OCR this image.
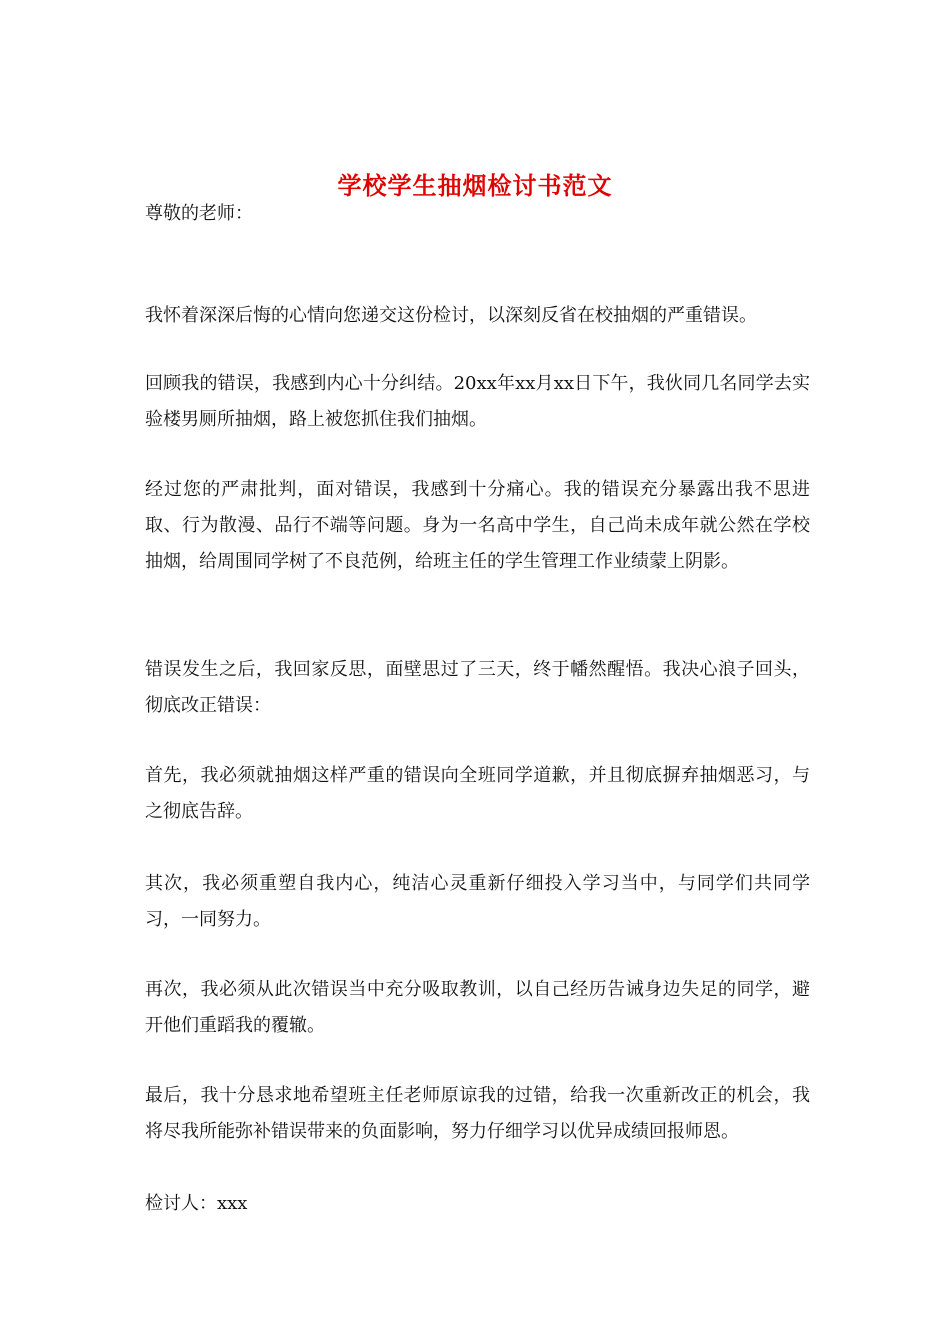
学校学生抽烟检讨书范文

尊敬的老师：

我怀着深深后悔的心情向您递交这份检讨，以深刻反省在校抽烟的严重错误。

回顾我的错误，我感到内心十分纠结。20xx年xx月xx日下午，我伙同几名同学去实验楼男厕所抽烟，路上被您抓住我们抽烟。

经过您的严肃批判，面对错误，我感到十分痛心。我的错误充分暴露出我不思进取、行为散漫、品行不端等问题。身为一名高中学生，自己尚未成年就公然在学校抽烟，给周围同学树了不良范例，给班主任的学生管理工作业绩蒙上阴影。

错误发生之后，我回家反思，面壁思过了三天，终于幡然醒悟。我决心浪子回头，彻底改正错误：

首先，我必须就抽烟这样严重的错误向全班同学道歉，并且彻底摒弃抽烟恶习，与之彻底告辞。

其次，我必须重塑自我内心，纯洁心灵重新仔细投入学习当中，与同学们共同学习，一同努力。

再次，我必须从此次错误当中充分吸取教训，以自己经历告诫身边失足的同学，避开他们重蹈我的覆辙。

最后，我十分恳求地希望班主任老师原谅我的过错，给我一次重新改正的机会，我将尽我所能弥补错误带来的负面影响，努力仔细学习以优异成绩回报师恩。

检讨人：xxx
